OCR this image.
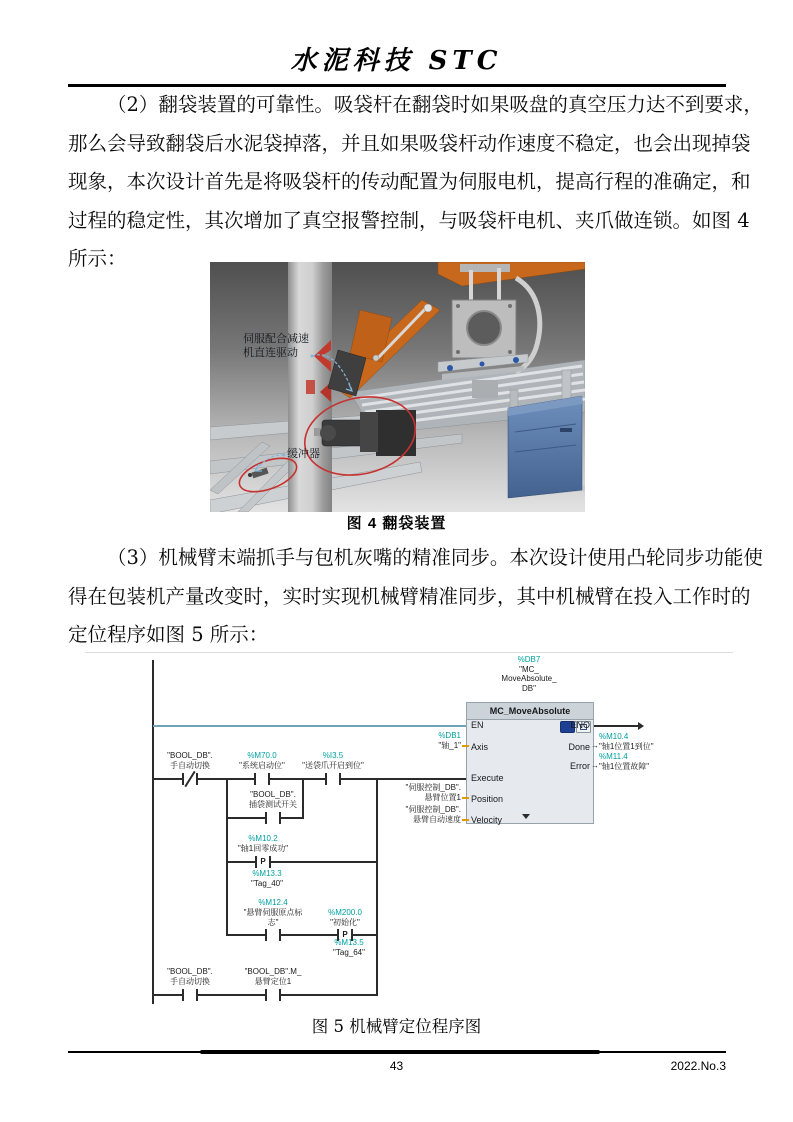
水泥科技 STC
（2）翻袋装置的可靠性。吸袋杆在翻袋时如果吸盘的真空压力达不到要求，
那么会导致翻袋后水泥袋掉落，并且如果吸袋杆动作速度不稳定，也会出现掉袋
现象，本次设计首先是将吸袋杆的传动配置为伺服电机，提高行程的准确定，和
过程的稳定性，其次增加了真空报警控制，与吸袋杆电机、夹爪做连锁。如图 4
所示：
伺服配合减速
机直连驱动
缓冲器
图 4 翻袋装置
（3）机械臂末端抓手与包机灰嘴的精准同步。本次设计使用凸轮同步功能使
得在包装机产量改变时，实时实现机械臂精准同步，其中机械臂在投入工作时的
定位程序如图 5 所示：
%DB7
"MC_
MoveAbsolute_
DB"
MC_MoveAbsolute
EN
Axis
Execute
Position
Velocity
ENO
Done
Error
%DB1
"轴_1"
"伺服控制_DB".
悬臂位置1
"伺服控制_DB".
悬臂自动速度
→
%M10.4
"轴1位置1到位"
→
%M11.4
"轴1位置故障"
"BOOL_DB".
手自动切换
%M70.0
"系统启动位"
%I3.5
"送袋爪开启到位"
"BOOL_DB".
插袋测试开关
%M10.2
"轴1回零成功"
P
%M13.3
"Tag_40"
%M12.4
"悬臂伺服原点标
志"
%M200.0
"初始化"
P
%M13.5
"Tag_64"
"BOOL_DB".
手自动切换
"BOOL_DB".M_
悬臂定位1
图 5 机械臂定位程序图
43	2022.No.3
